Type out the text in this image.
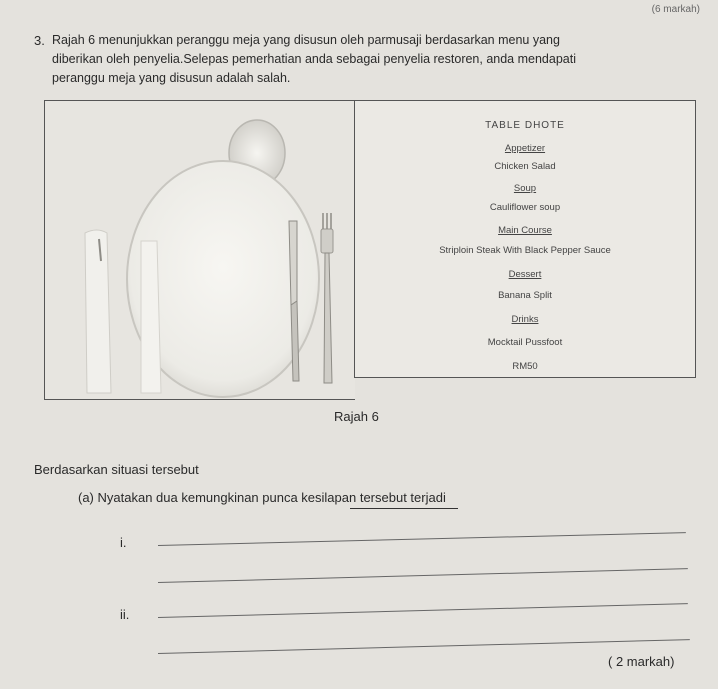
(6 markah)
3. Rajah 6 menunjukkan peranggu meja yang disusun oleh parmusaji berdasarkan menu yang
diberikan oleh penyelia.Selepas pemerhatian anda sebagai penyelia restoren, anda mendapati
peranggu meja yang disusun adalah salah.
TABLE DHOTE
Appetizer
Chicken Salad
Soup
Cauliflower soup
Main Course
Striploin Steak With Black Pepper Sauce
Dessert
Banana Split
Drinks
Mocktail Pussfoot
RM50
Rajah 6
Berdasarkan situasi tersebut
(a) Nyatakan dua kemungkinan punca kesilapan tersebut terjadi
i.
ii.
( 2 markah)
